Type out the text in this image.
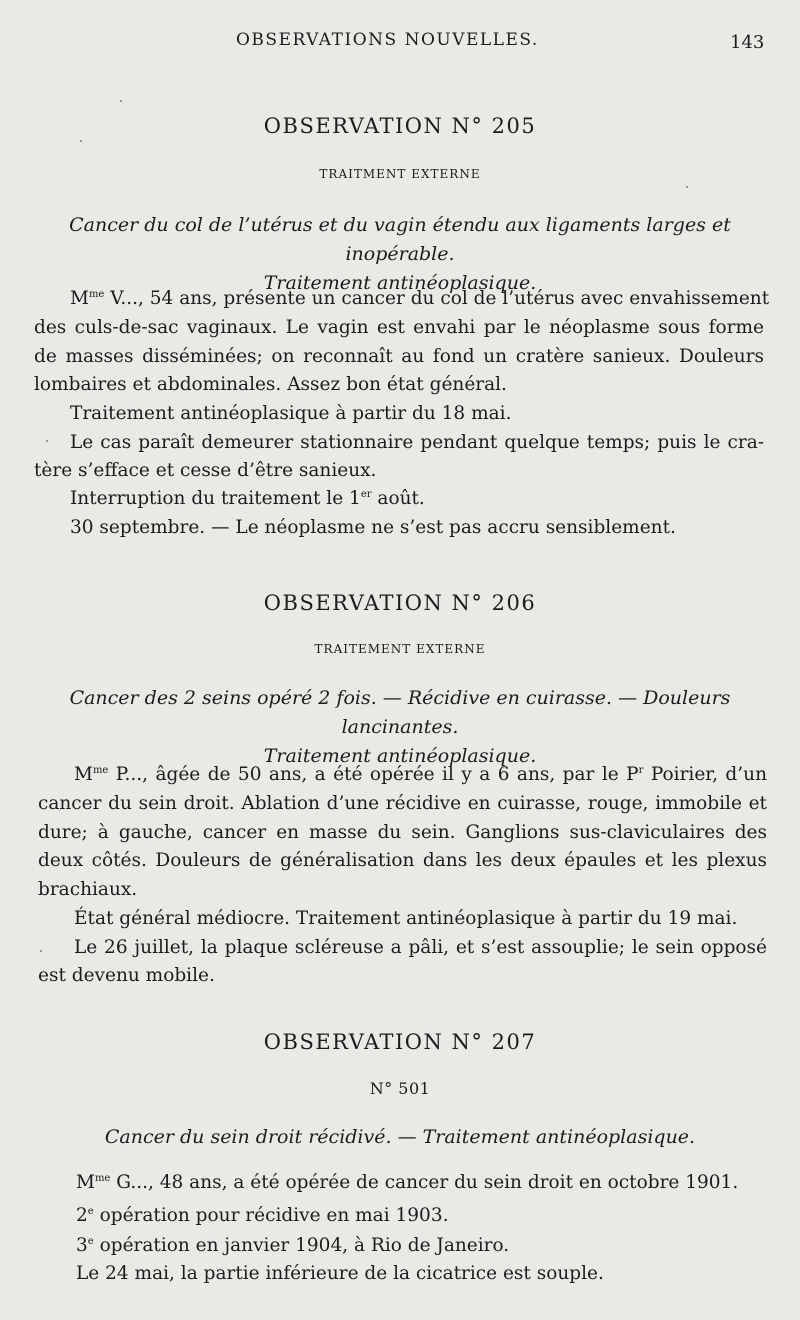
OBSERVATIONS NOUVELLES.	143
OBSERVATION N° 205
TRAITMENT EXTERNE
Cancer du col de l’utérus et du vagin étendu aux ligaments larges et inopérable.
Traitement antinéoplasique.
$M^{me}$ V..., 54 ans, présente un cancer du col de l’utérus avec envahissement
des culs-de-sac vaginaux. Le vagin est envahi par le néoplasme sous forme
de masses disséminées; on reconnaît au fond un cratère sanieux. Douleurs
lombaires et abdominales. Assez bon état général.
Traitement antinéoplasique à partir du 18 mai.
Le cas paraît demeurer stationnaire pendant quelque temps; puis le cra-
tère s’efface et cesse d’être sanieux.
Interruption du traitement le 1er août.
30 septembre. — Le néoplasme ne s’est pas accru sensiblement.
OBSERVATION N° 206
TRAITEMENT EXTERNE
Cancer des 2 seins opéré 2 fois. — Récidive en cuirasse. — Douleurs lancinantes.
Traitement antinéoplasique.
$M^{me}$ P..., âgée de 50 ans, a été opérée il y a 6 ans, par le $P^r$ Poirier, d’un
cancer du sein droit. Ablation d’une récidive en cuirasse, rouge, immobile et
dure; à gauche, cancer en masse du sein. Ganglions sus-claviculaires des
deux côtés. Douleurs de généralisation dans les deux épaules et les plexus
brachiaux.
État général médiocre. Traitement antinéoplasique à partir du 19 mai.
Le 26 juillet, la plaque scléreuse a pâli, et s’est assouplie; le sein opposé
est devenu mobile.
OBSERVATION N° 207
N° 501
Cancer du sein droit récidivé. — Traitement antinéoplasique.
$M^{me}$ G..., 48 ans, a été opérée de cancer du sein droit en octobre 1901.
2e opération pour récidive en mai 1903.
3e opération en janvier 1904, à Rio de Janeiro.
Le 24 mai, la partie inférieure de la cicatrice est souple.
